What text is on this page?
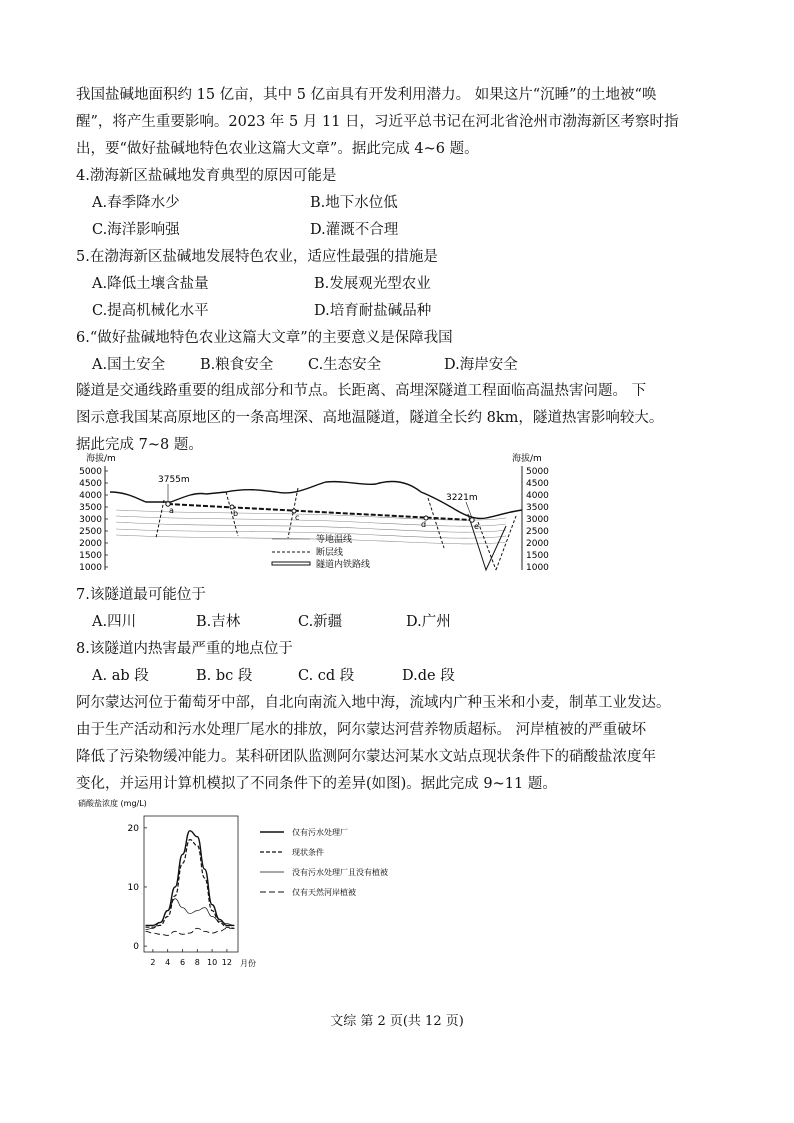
我国盐碱地面积约 15 亿亩，其中 5 亿亩具有开发利用潜力。 如果这片“沉睡”的土地被“唤
醒”，将产生重要影响。2023 年 5 月 11 日，习近平总书记在河北省沧州市渤海新区考察时指
出，要“做好盐碱地特色农业这篇大文章”。据此完成 4~6 题。
4.渤海新区盐碱地发育典型的原因可能是
A.春季降水少	B.地下水位低
C.海洋影响强	D.灌溉不合理
5.在渤海新区盐碱地发展特色农业，适应性最强的措施是
A.降低土壤含盐量	B.发展观光型农业
C.提高机械化水平	D.培育耐盐碱品种
6.“做好盐碱地特色农业这篇大文章”的主要意义是保障我国
A.国土安全 B.粮食安全 C.生态安全	D.海岸安全
隧道是交通线路重要的组成部分和节点。长距离、高埋深隧道工程面临高温热害问题。 下
图示意我国某高原地区的一条高埋深、高地温隧道，隧道全长约 8km，隧道热害影响较大。
据此完成 7~8 题。
海拔/m
5000
4500
4000
3500
3000
2500
2000
1500
1000
海拔/m
5000
4500
4000
3500
3000
2500
2000
1500
1000
a	b	c
d	e
3755m
3221m
等地温线
断层线
隧道内铁路线
7.该隧道最可能位于
A.四川	B.吉林	C.新疆	D.广州
8.该隧道内热害最严重的地点位于
A. ab 段	B. bc 段	C. cd 段	D.de 段
阿尔蒙达河位于葡萄牙中部，自北向南流入地中海，流域内广种玉米和小麦，制革工业发达。
由于生产活动和污水处理厂尾水的排放，阿尔蒙达河营养物质超标。 河岸植被的严重破坏
降低了污染物缓冲能力。某科研团队监测阿尔蒙达河某水文站点现状条件下的硝酸盐浓度年
变化，并运用计算机模拟了不同条件下的差异(如图)。据此完成 9~11 题。
硝酸盐浓度 (mg/L)
0
10
20
2 4 6 8 10 12 月份
仅有污水处理厂
现状条件
没有污水处理厂且没有植被
仅有天然河岸植被
文综 第 2 页(共 12 页)
